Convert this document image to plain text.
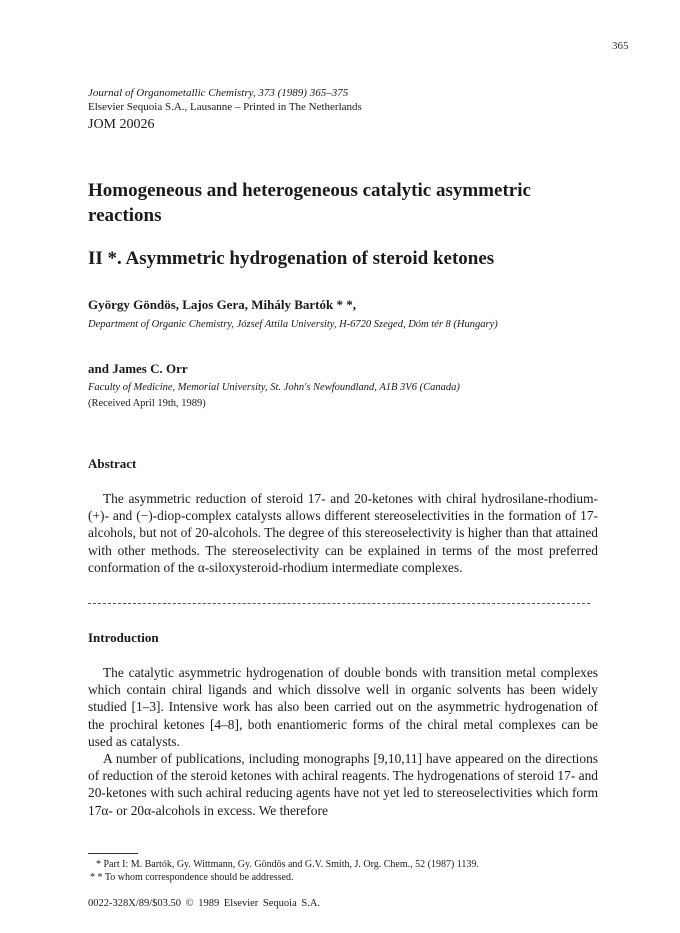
365
Journal of Organometallic Chemistry, 373 (1989) 365–375
Elsevier Sequoia S.A., Lausanne – Printed in The Netherlands
JOM 20026
Homogeneous and heterogeneous catalytic asymmetric reactions
II *. Asymmetric hydrogenation of steroid ketones
György Göndös, Lajos Gera, Mihály Bartók * *,
Department of Organic Chemistry, József Attila University, H-6720 Szeged, Dóm tér 8 (Hungary)
and James C. Orr
Faculty of Medicine, Memorial University, St. John's Newfoundland, A1B 3V6 (Canada)
(Received April 19th, 1989)
Abstract

The asymmetric reduction of steroid 17- and 20-ketones with chiral hydrosilane-rhodium-(+)- and (−)-diop-complex catalysts allows different stereoselectivities in the formation of 17-alcohols, but not of 20-alcohols. The degree of this stereoselectivity is higher than that attained with other methods. The stereoselectivity can be explained in terms of the most preferred conformation of the α-siloxysteroid-rhodium intermediate complexes.

Introduction

The catalytic asymmetric hydrogenation of double bonds with transition metal complexes which contain chiral ligands and which dissolve well in organic solvents has been widely studied [1–3]. Intensive work has also been carried out on the asymmetric hydrogenation of the prochiral ketones [4–8], both enantiomeric forms of the chiral metal complexes can be used as catalysts.

A number of publications, including monographs [9,10,11] have appeared on the directions of reduction of the steroid ketones with achiral reagents. The hydrogenations of steroid 17- and 20-ketones with such achiral reducing agents have not yet led to stereoselectivities which form 17α- or 20α-alcohols in excess. We therefore

* Part I: M. Bartók, Gy. Wittmann, Gy. Göndös and G.V. Smith, J. Org. Chem., 52 (1987) 1139.
* * To whom correspondence should be addressed.
0022-328X/89/$03.50 © 1989 Elsevier Sequoia S.A.
